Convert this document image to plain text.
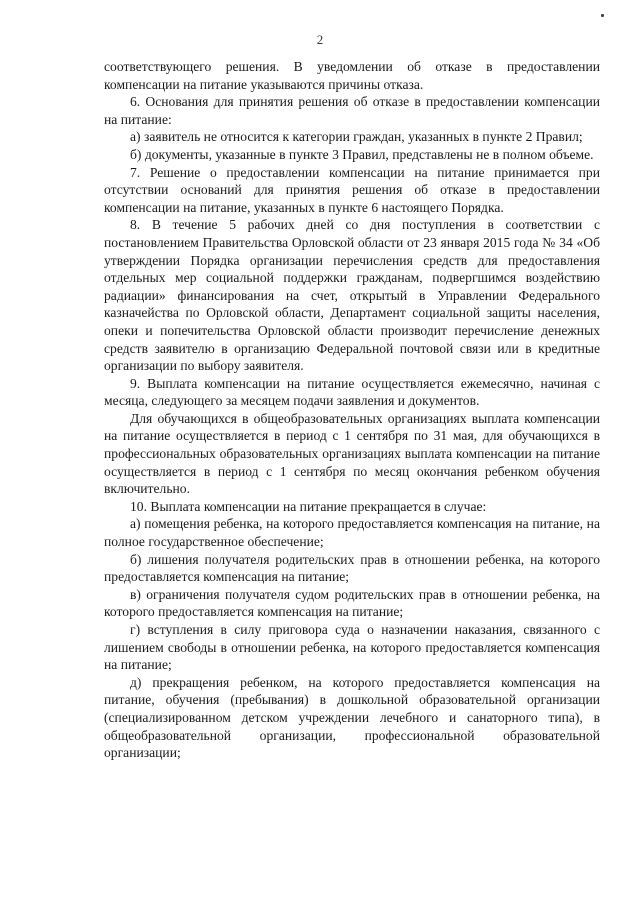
2

соответствующего решения. В уведомлении об отказе в предоставлении компенсации на питание указываются причины отказа.

6. Основания для принятия решения об отказе в предоставлении компенсации на питание:

а) заявитель не относится к категории граждан, указанных в пункте 2 Правил;

б) документы, указанные в пункте 3 Правил, представлены не в полном объеме.

7. Решение о предоставлении компенсации на питание принимается при отсутствии оснований для принятия решения об отказе в предоставлении компенсации на питание, указанных в пункте 6 настоящего Порядка.

8. В течение 5 рабочих дней со дня поступления в соответствии с постановлением Правительства Орловской области от 23 января 2015 года № 34 «Об утверждении Порядка организации перечисления средств для предоставления отдельных мер социальной поддержки гражданам, подвергшимся воздействию радиации» финансирования на счет, открытый в Управлении Федерального казначейства по Орловской области, Департамент социальной защиты населения, опеки и попечительства Орловской области производит перечисление денежных средств заявителю в организацию Федеральной почтовой связи или в кредитные организации по выбору заявителя.

9. Выплата компенсации на питание осуществляется ежемесячно, начиная с месяца, следующего за месяцем подачи заявления и документов.

Для обучающихся в общеобразовательных организациях выплата компенсации на питание осуществляется в период с 1 сентября по 31 мая, для обучающихся в профессиональных образовательных организациях выплата компенсации на питание осуществляется в период с 1 сентября по месяц окончания ребенком обучения включительно.

10. Выплата компенсации на питание прекращается в случае:

а) помещения ребенка, на которого предоставляется компенсация на питание, на полное государственное обеспечение;

б) лишения получателя родительских прав в отношении ребенка, на которого предоставляется компенсация на питание;

в) ограничения получателя судом родительских прав в отношении ребенка, на которого предоставляется компенсация на питание;

г) вступления в силу приговора суда о назначении наказания, связанного с лишением свободы в отношении ребенка, на которого предоставляется компенсация на питание;

д) прекращения ребенком, на которого предоставляется компенсация на питание, обучения (пребывания) в дошкольной образовательной организации (специализированном детском учреждении лечебного и санаторного типа), в общеобразовательной организации, профессиональной образовательной организации;
